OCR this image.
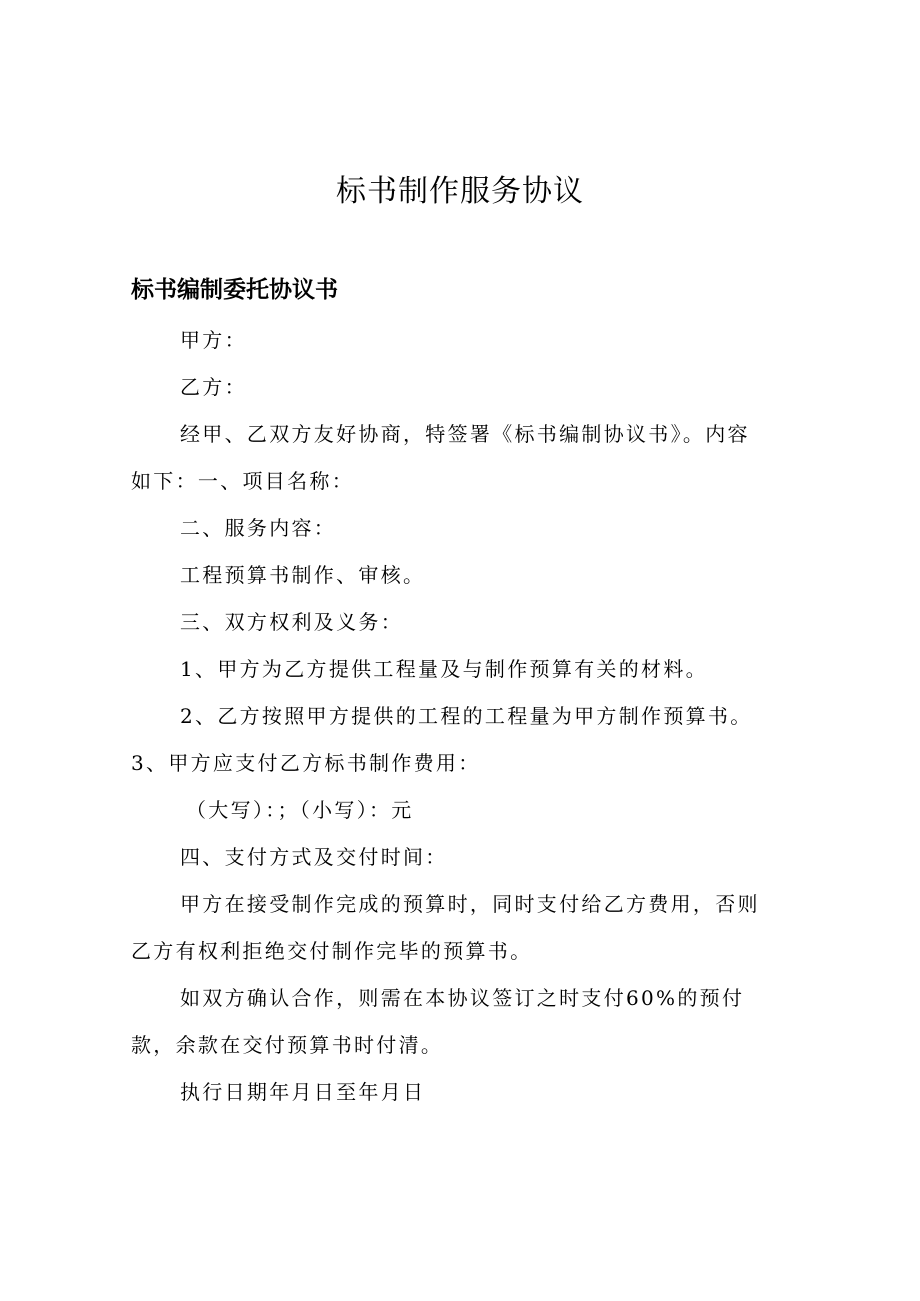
标书制作服务协议
标书编制委托协议书
甲方：
乙方：
经甲、乙双方友好协商，特签署《标书编制协议书》。内容
如下：一、项目名称：
二、服务内容：
工程预算书制作、审核。
三、双方权利及义务：
1、甲方为乙方提供工程量及与制作预算有关的材料。
2、乙方按照甲方提供的工程的工程量为甲方制作预算书。
3、甲方应支付乙方标书制作费用：
（大写）：；（小写）：元
四、支付方式及交付时间：
甲方在接受制作完成的预算时，同时支付给乙方费用，否则
乙方有权利拒绝交付制作完毕的预算书。
如双方确认合作，则需在本协议签订之时支付60%的预付
款，余款在交付预算书时付清。
执行日期年月日至年月日
